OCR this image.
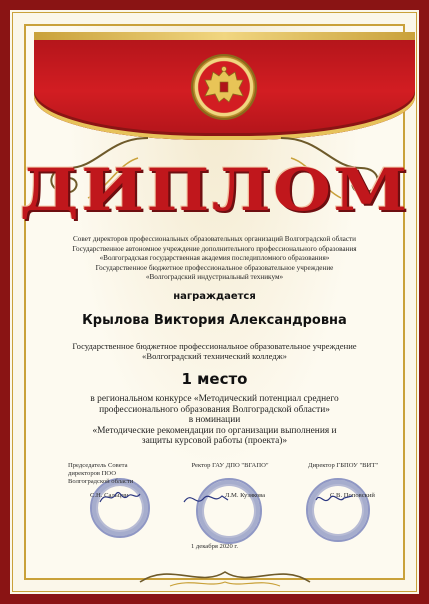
ДИПЛОМ
Совет директоров профессиональных образовательных организаций Волгоградской области
Государственное автономное учреждение дополнительного профессионального образования
«Волгоградская государственная академия последипломного образования»
Государственное бюджетное профессиональное образовательное учреждение
«Волгоградский индустриальный техникум»
награждается
Крылова Виктория Александровна
Государственное бюджетное профессиональное образовательное учреждение
«Волгоградский технический колледж»
1 место
в региональном конкурсе «Методический потенциал среднего
профессионального образования Волгоградской области»
в номинации
«Методические рекомендации по организации выполнения и
защиты курсовой работы (проекта)»
Председатель Совета
директоров ПОО
Волгоградской области
С.Н. Сальцин
Ректор ГАУ ДПО "ВГАПО"
Л.М. Кузякова
Директор ГБПОУ "ВИТ"
С.В. Поповский
1 декабря 2020 г.
